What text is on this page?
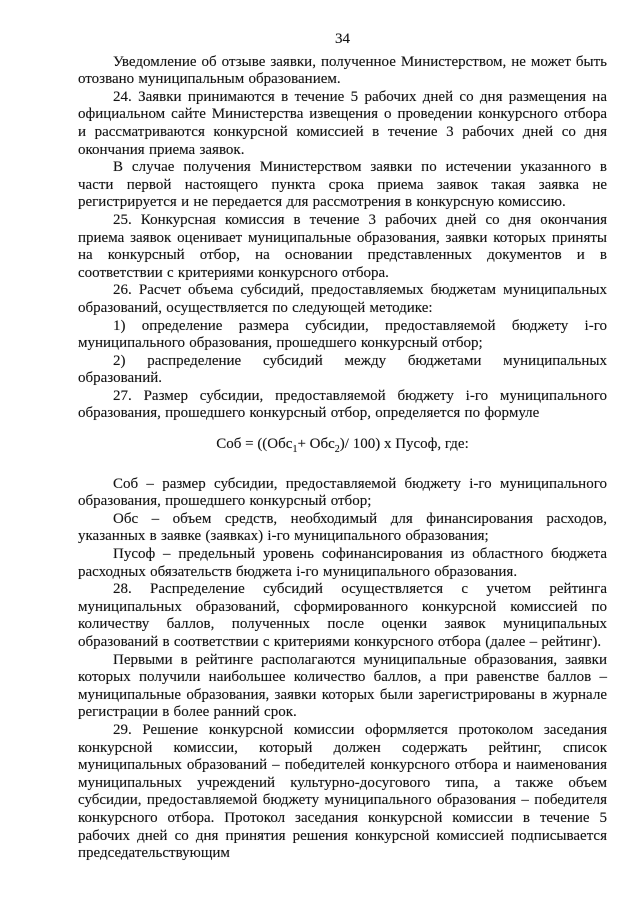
34

Уведомление об отзыве заявки, полученное Министерством, не может быть отозвано муниципальным образованием.

24. Заявки принимаются в течение 5 рабочих дней со дня размещения на официальном сайте Министерства извещения о проведении конкурсного отбора и рассматриваются конкурсной комиссией в течение 3 рабочих дней со дня окончания приема заявок.

В случае получения Министерством заявки по истечении указанного в части первой настоящего пункта срока приема заявок такая заявка не регистрируется и не передается для рассмотрения в конкурсную комиссию.

25. Конкурсная комиссия в течение 3 рабочих дней со дня окончания приема заявок оценивает муниципальные образования, заявки которых приняты на конкурсный отбор, на основании представленных документов и в соответствии с критериями конкурсного отбора.

26. Расчет объема субсидий, предоставляемых бюджетам муниципальных образований, осуществляется по следующей методике:

1) определение размера субсидии, предоставляемой бюджету i-го муниципального образования, прошедшего конкурсный отбор;

2) распределение субсидий между бюджетами муниципальных образований.

27. Размер субсидии, предоставляемой бюджету i-го муниципального образования, прошедшего конкурсный отбор, определяется по формуле

Соб = ((Обс$_1$+ Обс$_2$)/ 100) х Пусоф, где:

Соб – размер субсидии, предоставляемой бюджету i-го муниципального образования, прошедшего конкурсный отбор;

Обс – объем средств, необходимый для финансирования расходов, указанных в заявке (заявках) i-го муниципального образования;

Пусоф – предельный уровень софинансирования из областного бюджета расходных обязательств бюджета i-го муниципального образования.

28. Распределение субсидий осуществляется с учетом рейтинга муниципальных образований, сформированного конкурсной комиссией по количеству баллов, полученных после оценки заявок муниципальных образований в соответствии с критериями конкурсного отбора (далее – рейтинг).

Первыми в рейтинге располагаются муниципальные образования, заявки которых получили наибольшее количество баллов, а при равенстве баллов – муниципальные образования, заявки которых были зарегистрированы в журнале регистрации в более ранний срок.

29. Решение конкурсной комиссии оформляется протоколом заседания конкурсной комиссии, который должен содержать рейтинг, список муниципальных образований – победителей конкурсного отбора и наименования муниципальных учреждений культурно-досугового типа, а также объем субсидии, предоставляемой бюджету муниципального образования – победителя конкурсного отбора. Протокол заседания конкурсной комиссии в течение 5 рабочих дней со дня принятия решения конкурсной комиссией подписывается председательствующим
